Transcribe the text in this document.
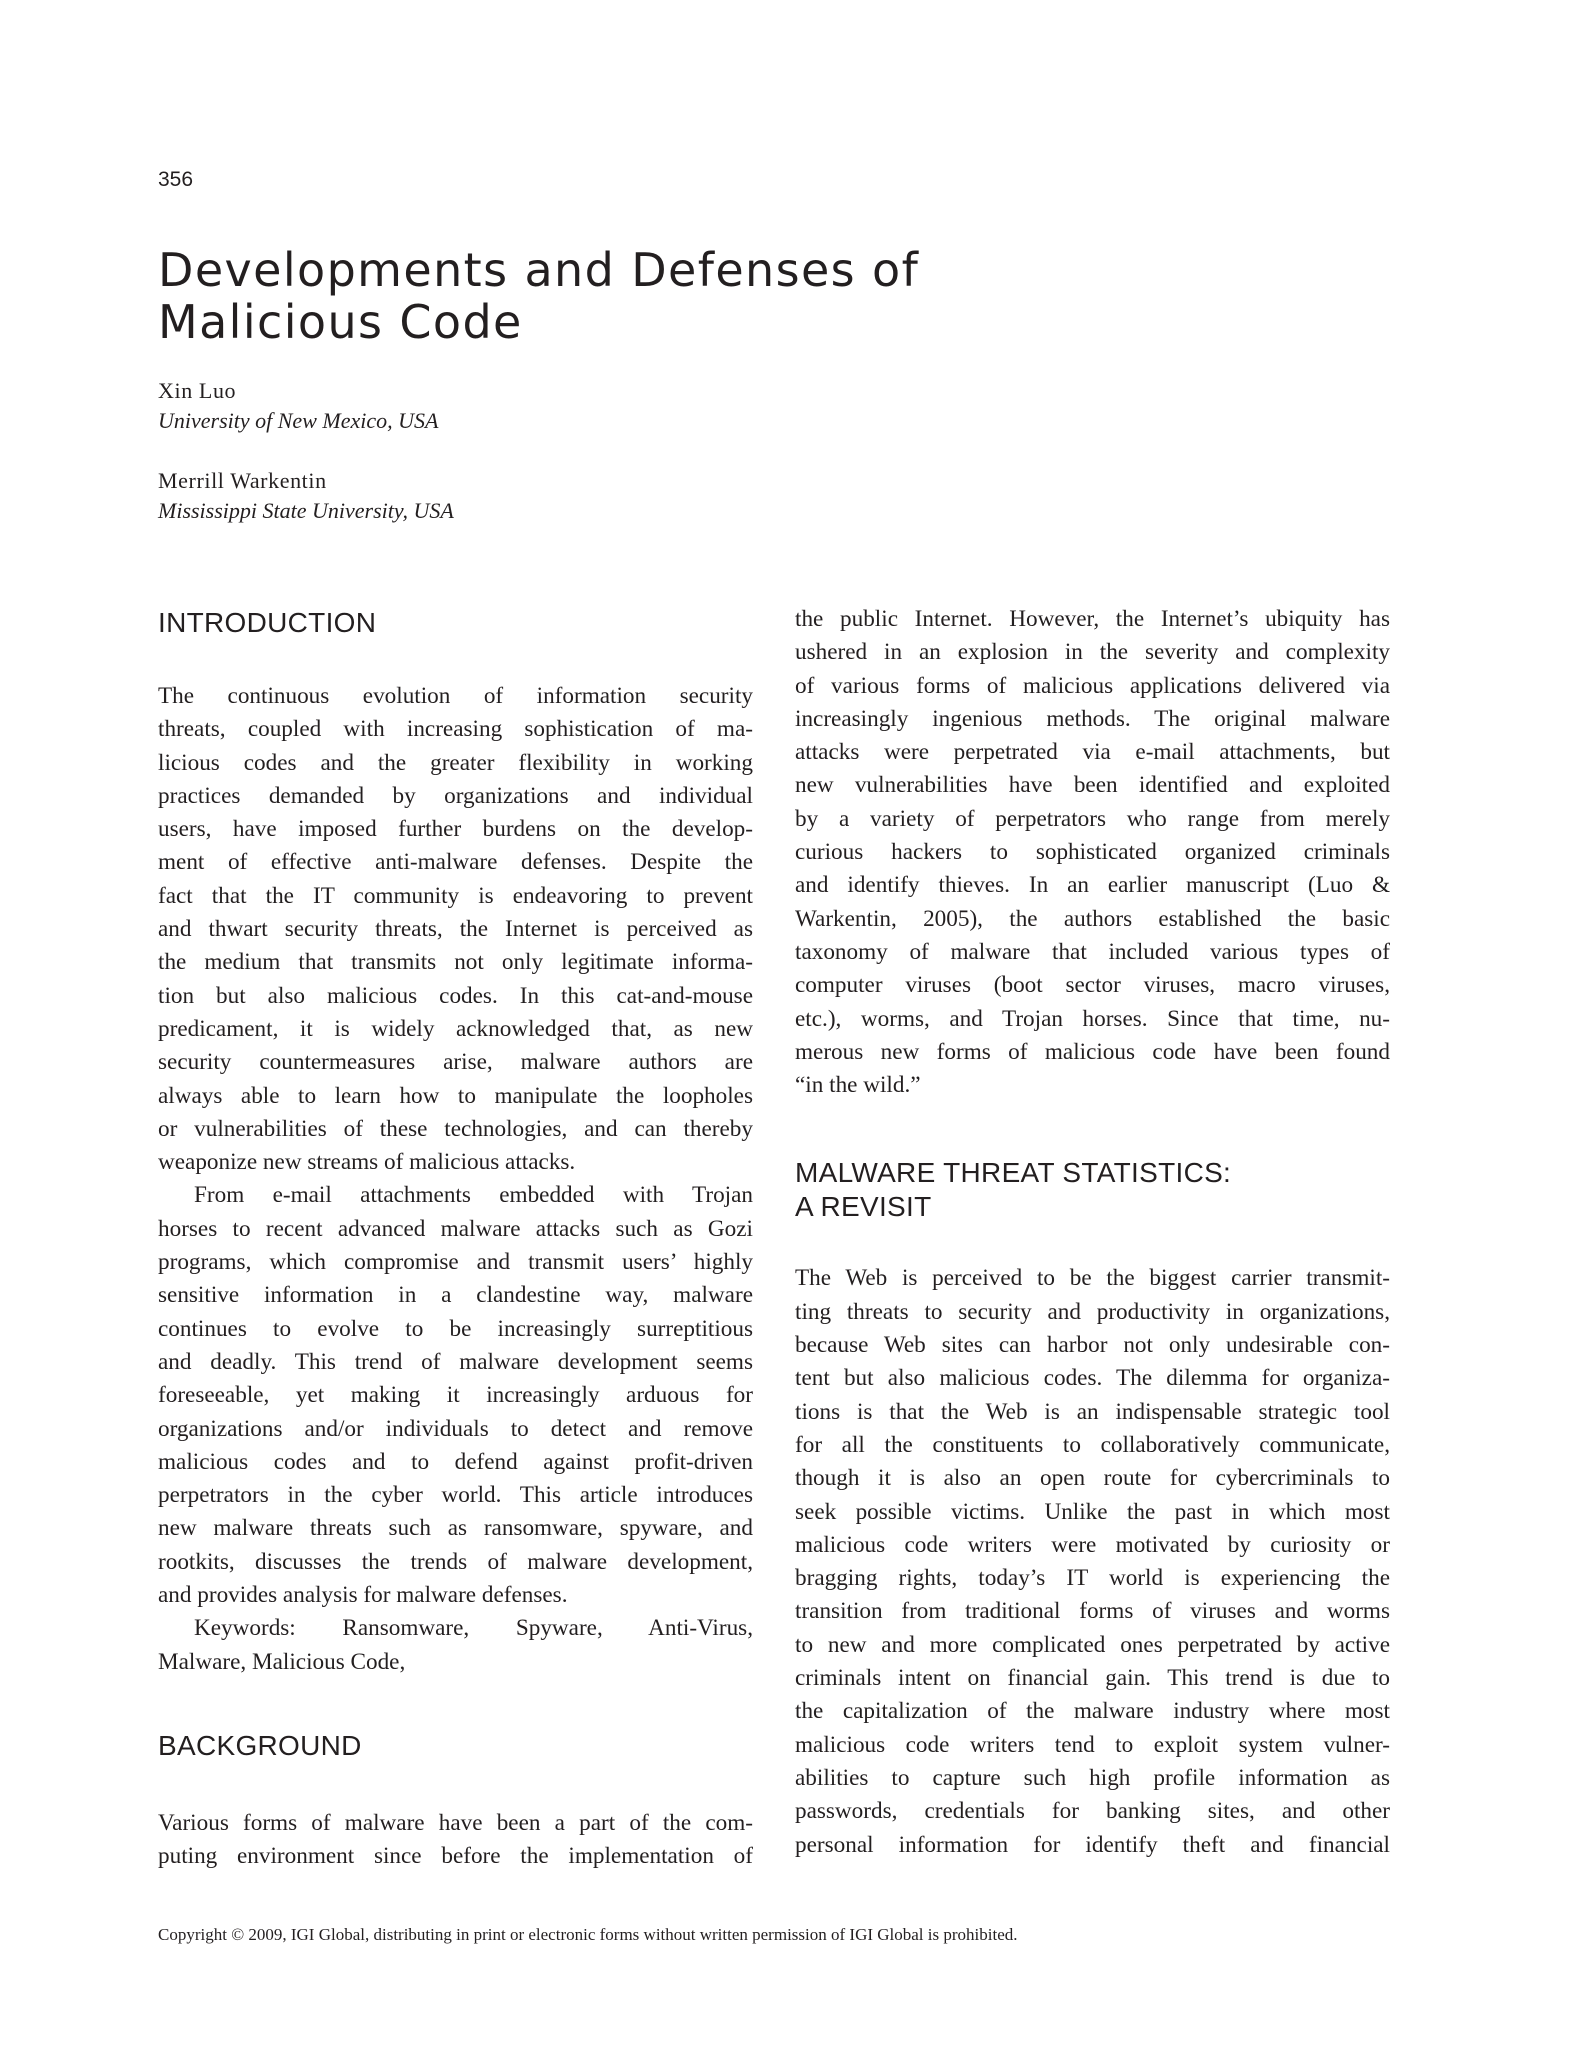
356

Developments and Defenses of
Malicious Code

Xin Luo
University of New Mexico, USA

Merrill Warkentin
Mississippi State University, USA

INTRODUCTION

The continuous evolution of information security
threats, coupled with increasing sophistication of ma-
licious codes and the greater flexibility in working
practices demanded by organizations and individual
users, have imposed further burdens on the develop-
ment of effective anti-malware defenses. Despite the
fact that the IT community is endeavoring to prevent
and thwart security threats, the Internet is perceived as
the medium that transmits not only legitimate informa-
tion but also malicious codes. In this cat-and-mouse
predicament, it is widely acknowledged that, as new
security countermeasures arise, malware authors are
always able to learn how to manipulate the loopholes
or vulnerabilities of these technologies, and can thereby
weaponize new streams of malicious attacks.

From e-mail attachments embedded with Trojan
horses to recent advanced malware attacks such as Gozi
programs, which compromise and transmit users’ highly
sensitive information in a clandestine way, malware
continues to evolve to be increasingly surreptitious
and deadly. This trend of malware development seems
foreseeable, yet making it increasingly arduous for
organizations and/or individuals to detect and remove
malicious codes and to defend against profit-driven
perpetrators in the cyber world. This article introduces
new malware threats such as ransomware, spyware, and
rootkits, discusses the trends of malware development,
and provides analysis for malware defenses.

Keywords: Ransomware, Spyware, Anti-Virus,
Malware, Malicious Code,

BACKGROUND

Various forms of malware have been a part of the com-
puting environment since before the implementation of

the public Internet. However, the Internet’s ubiquity has
ushered in an explosion in the severity and complexity
of various forms of malicious applications delivered via
increasingly ingenious methods. The original malware
attacks were perpetrated via e-mail attachments, but
new vulnerabilities have been identified and exploited
by a variety of perpetrators who range from merely
curious hackers to sophisticated organized criminals
and identify thieves. In an earlier manuscript (Luo &
Warkentin, 2005), the authors established the basic
taxonomy of malware that included various types of
computer viruses (boot sector viruses, macro viruses,
etc.), worms, and Trojan horses. Since that time, nu-
merous new forms of malicious code have been found
“in the wild.”

MALWARE THREAT STATISTICS:
A REVISIT

The Web is perceived to be the biggest carrier transmit-
ting threats to security and productivity in organizations,
because Web sites can harbor not only undesirable con-
tent but also malicious codes. The dilemma for organiza-
tions is that the Web is an indispensable strategic tool
for all the constituents to collaboratively communicate,
though it is also an open route for cybercriminals to
seek possible victims. Unlike the past in which most
malicious code writers were motivated by curiosity or
bragging rights, today’s IT world is experiencing the
transition from traditional forms of viruses and worms
to new and more complicated ones perpetrated by active
criminals intent on financial gain. This trend is due to
the capitalization of the malware industry where most
malicious code writers tend to exploit system vulner-
abilities to capture such high profile information as
passwords, credentials for banking sites, and other
personal information for identify theft and financial

Copyright © 2009, IGI Global, distributing in print or electronic forms without written permission of IGI Global is prohibited.
